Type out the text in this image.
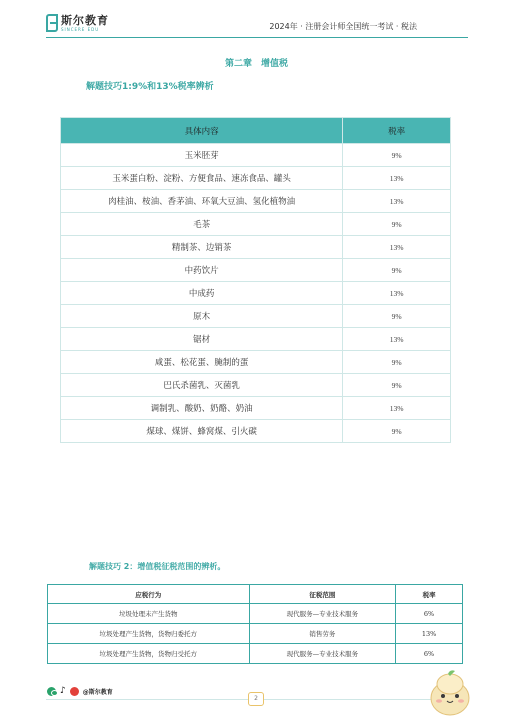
斯尔教育
SINCERE EDU	2024年 · 注册会计师全国统一考试 · 税法
第二章　增值税
解题技巧1:9%和13%税率辨析
具体内容	税率
玉米胚芽	9%
玉米蛋白粉、淀粉、方便食品、速冻食品、罐头	13%
肉桂油、桉油、香茅油、环氧大豆油、氢化植物油	13%
毛茶	9%
精制茶、边销茶	13%
中药饮片	9%
中成药	13%
原木	9%
锯材	13%
咸蛋、松花蛋、腌制的蛋	9%
巴氏杀菌乳、灭菌乳	9%
调制乳、酸奶、奶酪、奶油	13%
煤球、煤饼、蜂窝煤、引火碳	9%
解题技巧 2：增值税征税范围的辨析。
应税行为	征税范围	税率
垃圾处理未产生货物	现代服务—专业技术服务	6%
垃圾处理产生货物，货物归委托方	销售劳务	13%
垃圾处理产生货物，货物归受托方	现代服务—专业技术服务	6%
♪	@斯尔教育
2
